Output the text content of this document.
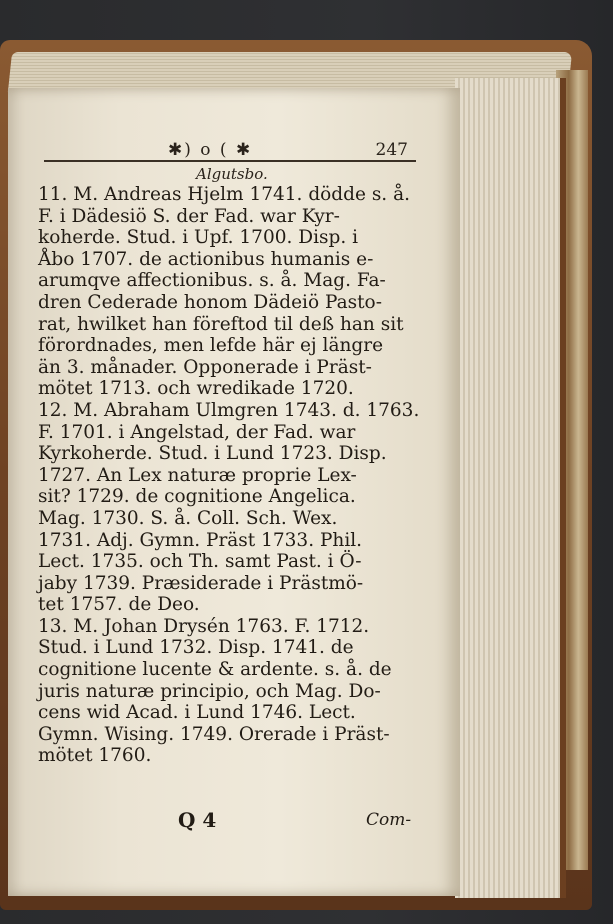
✱) o ( ✱	247
Algutsbo.
11. M. Andreas Hjelm 1741. dödde s. å.
F. i Dädesiö S. der Fad. war Kyr-
koherde. Stud. i Upf. 1700. Disp. i
Åbo 1707. de actionibus humanis e-
arumqve affectionibus. s. å. Mag. Fa-
dren Cederade honom Dädeiö Pasto-
rat, hwilket han föreftod til deß han sit
förordnades, men lefde här ej längre
än 3. månader. Opponerade i Präst-
mötet 1713. och wredikade 1720.
12. M. Abraham Ulmgren 1743. d. 1763.
F. 1701. i Angelstad, der Fad. war
Kyrkoherde. Stud. i Lund 1723. Disp.
1727. An Lex naturæ proprie Lex-
sit? 1729. de cognitione Angelica.
Mag. 1730. S. å. Coll. Sch. Wex.
1731. Adj. Gymn. Präst 1733. Phil.
Lect. 1735. och Th. samt Past. i Ö-
jaby 1739. Præsiderade i Prästmö-
tet 1757. de Deo.
13. M. Johan Drysén 1763. F. 1712.
Stud. i Lund 1732. Disp. 1741. de
cognitione lucente & ardente. s. å. de
juris naturæ principio, och Mag. Do-
cens wid Acad. i Lund 1746. Lect.
Gymn. Wising. 1749. Orerade i Präst-
mötet 1760.
Q 4	Com-
